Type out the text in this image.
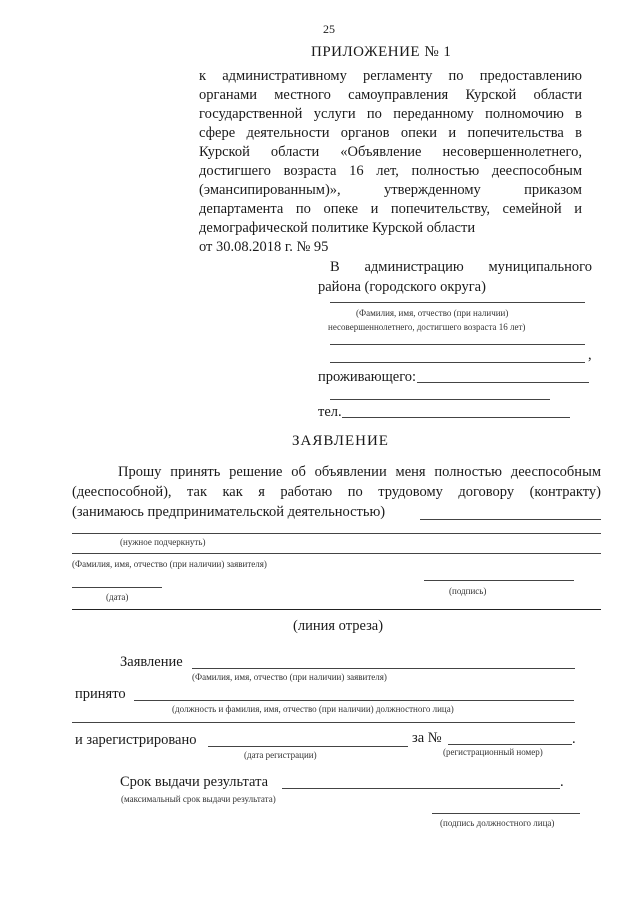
25
ПРИЛОЖЕНИЕ № 1
к административному регламенту по предоставлению
органами местного самоуправления Курской области
государственной услуги по переданному полномочию в
сфере деятельности органов опеки и попечительства в
Курской области «Объявление несовершеннолетнего,
достигшего возраста 16 лет, полностью дееспособным
(эмансипированным)», утвержденному приказом
департамента по опеке и попечительству, семейной и
демографической политике Курской области
от 30.08.2018 г. № 95
В администрацию муниципального
района (городского округа)
(Фамилия, имя, отчество (при наличии)
несовершеннолетнего, достигшего возраста 16 лет)
,
проживающего:
тел.
ЗАЯВЛЕНИЕ
Прошу принять решение об объявлении меня полностью дееспособным
(дееспособной), так как я работаю по трудовому договору (контракту)
(занимаюсь предпринимательской деятельностью)
(нужное подчеркнуть)
(Фамилия, имя, отчество (при наличии) заявителя)
(дата)
(подпись)
(линия отреза)
Заявление
(Фамилия, имя, отчество (при наличии) заявителя)
принято
(должность и фамилия, имя, отчество (при наличии) должностного лица)
и зарегистрировано	за №	.
(дата регистрации)	(регистрационный номер)
Срок выдачи результата	.
(максимальный срок выдачи результата)
(подпись должностного лица)
